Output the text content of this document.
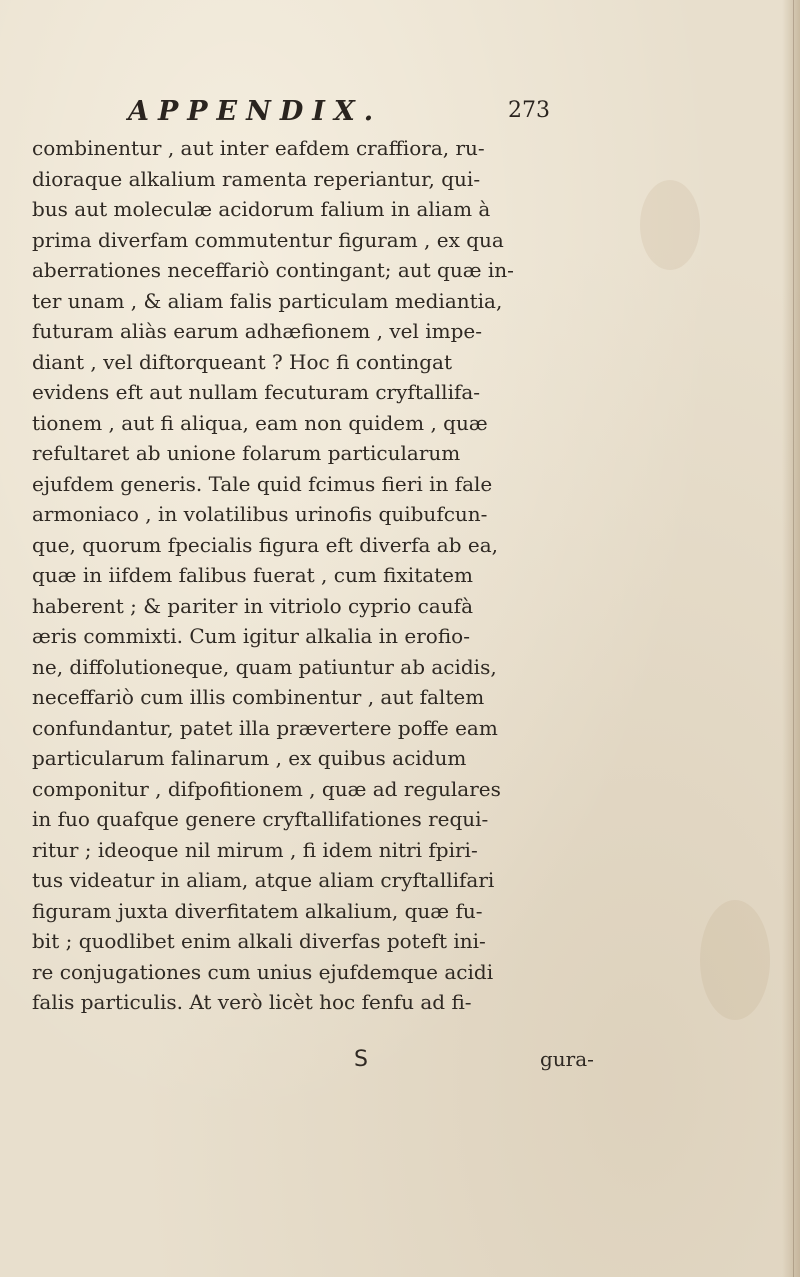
APPENDIX.	273
combinentur , aut inter eafdem craffiora, ru-
dioraque alkalium ramenta reperiantur, qui-
bus aut moleculæ acidorum falium in aliam à
prima diverfam commutentur figuram , ex qua
aberrationes neceffariò contingant; aut quæ in-
ter unam , & aliam falis particulam mediantia,
futuram aliàs earum adhæfionem , vel impe-
diant , vel diftorqueant ? Hoc fi contingat
evidens eft aut nullam fecuturam cryftallifa-
tionem , aut fi aliqua, eam non quidem , quæ
refultaret ab unione folarum particularum
ejufdem generis. Tale quid fcimus fieri in fale
armoniaco , in volatilibus urinofis quibufcun-
que, quorum fpecialis figura eft diverfa ab ea,
quæ in iifdem falibus fuerat , cum fixitatem
haberent ; & pariter in vitriolo cyprio caufà
æris commixti. Cum igitur alkalia in erofio-
ne, diffolutioneque, quam patiuntur ab acidis,
neceffariò cum illis combinentur , aut faltem
confundantur, patet illa prævertere poffe eam
particularum falinarum , ex quibus acidum
componitur , difpofitionem , quæ ad regulares
in fuo quafque genere cryftallifationes requi-
ritur ; ideoque nil mirum , fi idem nitri fpiri-
tus videatur in aliam, atque aliam cryftallifari
figuram juxta diverfitatem alkalium, quæ fu-
bit ; quodlibet enim alkali diverfas poteft ini-
re conjugationes cum unius ejufdemque acidi
falis particulis. At verò licèt hoc fenfu ad fi-
S	gura-
